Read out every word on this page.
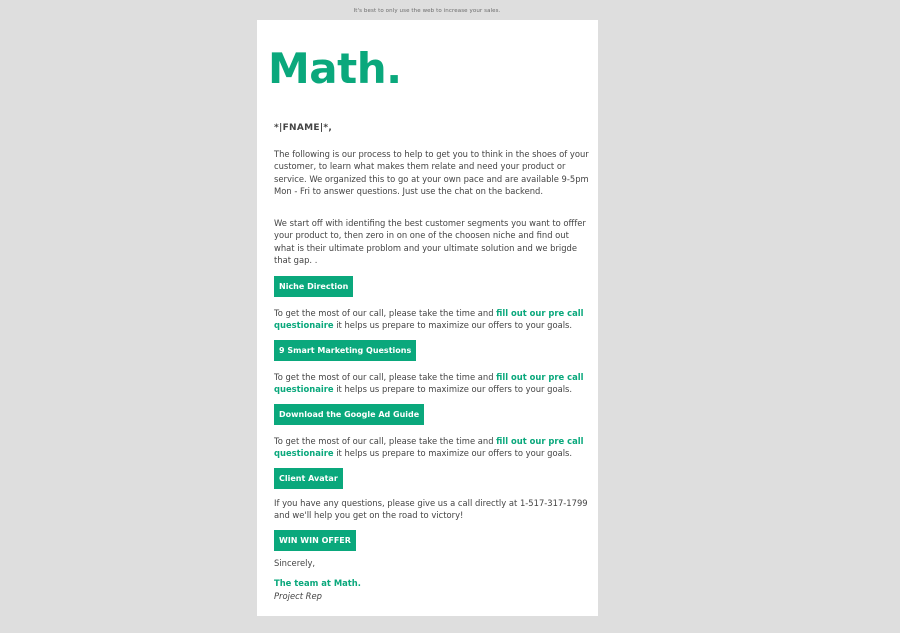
It's best to only use the web to increase your sales.
Math.

*|FNAME|*,

The following is our process to help to get you to think in the shoes of your customer, to learn what makes them relate and need your product or service. We organized this to go at your own pace and are available 9-5pm Mon - Fri to answer questions. Just use the chat on the backend.

We start off with identifing the best customer segments you want to offfer your product to, then zero in on one of the choosen niche and find out what is their ultimate problom and your ultimate solution and we brigde that gap. .

Niche Direction

To get the most of our call, please take the time and fill out our pre call questionaire it helps us prepare to maximize our offers to your goals.

9 Smart Marketing Questions

To get the most of our call, please take the time and fill out our pre call questionaire it helps us prepare to maximize our offers to your goals.

Download the Google Ad Guide

To get the most of our call, please take the time and fill out our pre call questionaire it helps us prepare to maximize our offers to your goals.

Client Avatar

If you have any questions, please give us a call directly at 1-517-317-1799 and we'll help you get on the road to victory!

WIN WIN OFFER

Sincerely,

The team at Math.

Project Rep
